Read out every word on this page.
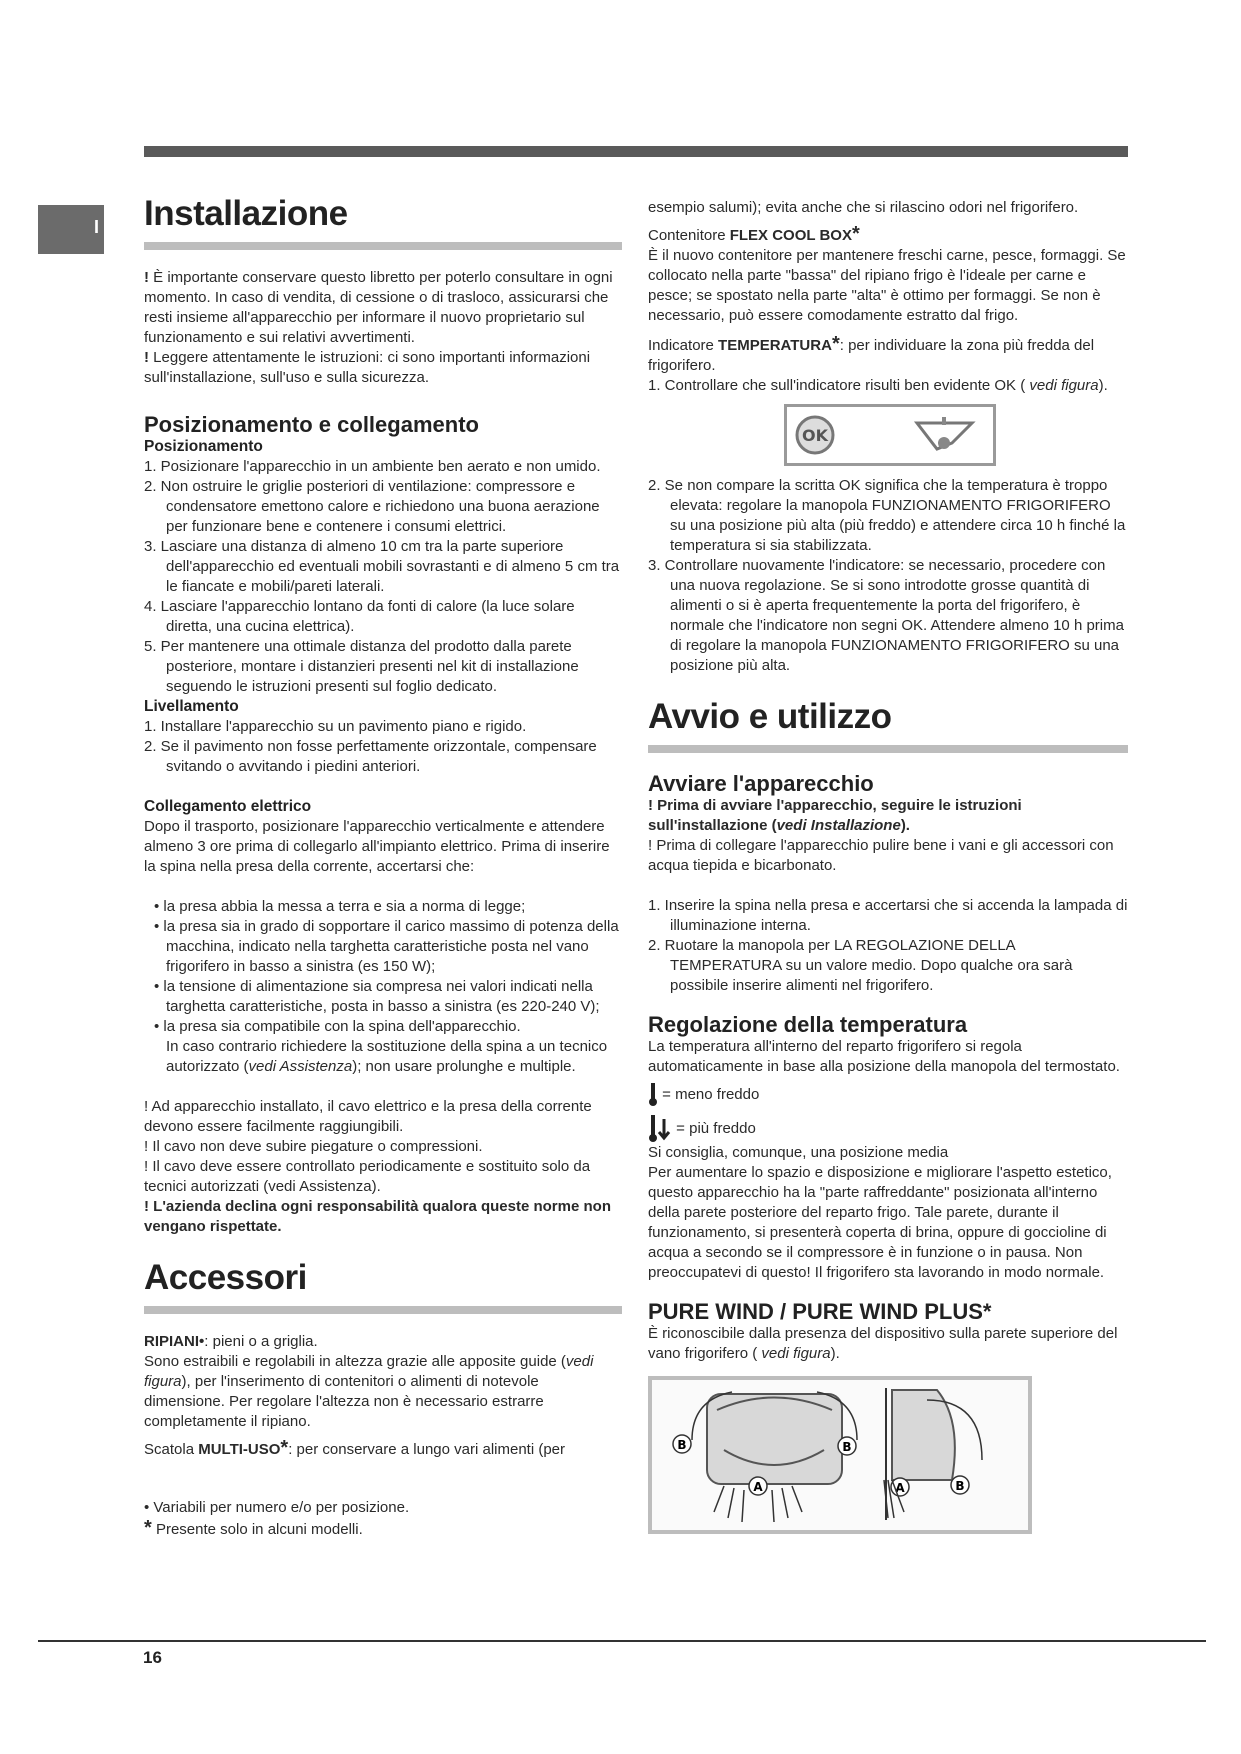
I Installazione

! È importante conservare questo libretto per poterlo consultare in ogni momento. In caso di vendita, di cessione o di trasloco, assicurarsi che resti insieme all'apparecchio per informare il nuovo proprietario sul funzionamento e sui relativi avvertimenti.

! Leggere attentamente le istruzioni: ci sono importanti informazioni sull'installazione, sull'uso e sulla sicurezza.

Posizionamento e collegamento
Posizionamento
1. Posizionare l'apparecchio in un ambiente ben aerato e non umido.
2. Non ostruire le griglie posteriori di ventilazione: compressore e condensatore emettono calore e richiedono una buona aerazione per funzionare bene e contenere i consumi elettrici.
3. Lasciare una distanza di almeno 10 cm tra la parte superiore dell'apparecchio ed eventuali mobili sovrastanti e di almeno 5 cm tra le fiancate e mobili/pareti laterali.
4. Lasciare l'apparecchio lontano da fonti di calore (la luce solare diretta, una cucina elettrica).
5. Per mantenere una ottimale distanza del prodotto dalla parete posteriore, montare i distanzieri presenti nel kit di installazione seguendo le istruzioni presenti sul foglio dedicato.
Livellamento
1. Installare l'apparecchio su un pavimento piano e rigido.
2. Se il pavimento non fosse perfettamente orizzontale, compensare svitando o avvitando i piedini anteriori.
Collegamento elettrico

Dopo il trasporto, posizionare l'apparecchio verticalmente e attendere almeno 3 ore prima di collegarlo all'impianto elettrico. Prima di inserire la spina nella presa della corrente, accertarsi che:

• la presa abbia la messa a terra e sia a norma di legge;
• la presa sia in grado di sopportare il carico massimo di potenza della macchina, indicato nella targhetta caratteristiche posta nel vano frigorifero in basso a sinistra (es 150 W);
• la tensione di alimentazione sia compresa nei valori indicati nella targhetta caratteristiche, posta in basso a sinistra (es 220-240 V);
• la presa sia compatibile con la spina dell'apparecchio.

In caso contrario richiedere la sostituzione della spina a un tecnico autorizzato (vedi Assistenza); non usare prolunghe e multiple.

! Ad apparecchio installato, il cavo elettrico e la presa della corrente devono essere facilmente raggiungibili.

! Il cavo non deve subire piegature o compressioni.

! Il cavo deve essere controllato periodicamente e sostituito solo da tecnici autorizzati (vedi Assistenza).

! L'azienda declina ogni responsabilità qualora queste norme non vengano rispettate.

Accessori

RIPIANI•: pieni o a griglia.

Sono estraibili e regolabili in altezza grazie alle apposite guide (vedi figura), per l'inserimento di contenitori o alimenti di notevole dimensione. Per regolare l'altezza non è necessario estrarre completamente il ripiano.

Scatola MULTI-USO*: per conservare a lungo vari alimenti (per

• Variabili per numero e/o per posizione.

* Presente solo in alcuni modelli.

esempio salumi); evita anche che si rilascino odori nel frigorifero.

Contenitore FLEX COOL BOX*

È il nuovo contenitore per mantenere freschi carne, pesce, formaggi. Se collocato nella parte "bassa" del ripiano frigo è l'ideale per carne e pesce; se spostato nella parte "alta" è ottimo per formaggi. Se non è necessario, può essere comodamente estratto dal frigo.

Indicatore TEMPERATURA*: per individuare la zona più fredda del frigorifero.

1. Controllare che sull'indicatore risulti ben evidente OK ( vedi figura).
OK
2. Se non compare la scritta OK significa che la temperatura è troppo elevata: regolare la manopola FUNZIONAMENTO FRIGORIFERO su una posizione più alta (più freddo) e attendere circa 10 h finché la temperatura si sia stabilizzata.
3. Controllare nuovamente l'indicatore: se necessario, procedere con una nuova regolazione. Se si sono introdotte grosse quantità di alimenti o si è aperta frequentemente la porta del frigorifero, è normale che l'indicatore non segni OK. Attendere almeno 10 h prima di regolare la manopola FUNZIONAMENTO FRIGORIFERO su una posizione più alta.
Avvio e utilizzo
Avviare l'apparecchio

! Prima di avviare l'apparecchio, seguire le istruzioni sull'installazione (vedi Installazione).

! Prima di collegare l'apparecchio pulire bene i vani e gli accessori con acqua tiepida e bicarbonato.

1. Inserire la spina nella presa e accertarsi che si accenda la lampada di illuminazione interna.
2. Ruotare la manopola per LA REGOLAZIONE DELLA TEMPERATURA su un valore medio. Dopo qualche ora sarà possibile inserire alimenti nel frigorifero.
Regolazione della temperatura

La temperatura all'interno del reparto frigorifero si regola automaticamente in base alla posizione della manopola del termostato.

= meno freddo

= più freddo

Si consiglia, comunque, una posizione media

Per aumentare lo spazio e disposizione e migliorare l'aspetto estetico, questo apparecchio ha la "parte raffreddante" posizionata all'interno della parete posteriore del reparto frigo. Tale parete, durante il funzionamento, si presenterà coperta di brina, oppure di goccioline di acqua a secondo se il compressore è in funzione o in pausa. Non preoccupatevi di questo! Il frigorifero sta lavorando in modo normale.

PURE WIND / PURE WIND PLUS*

È riconoscibile dalla presenza del dispositivo sulla parete superiore del vano frigorifero ( vedi figura).

B	B
A	A	B
16
